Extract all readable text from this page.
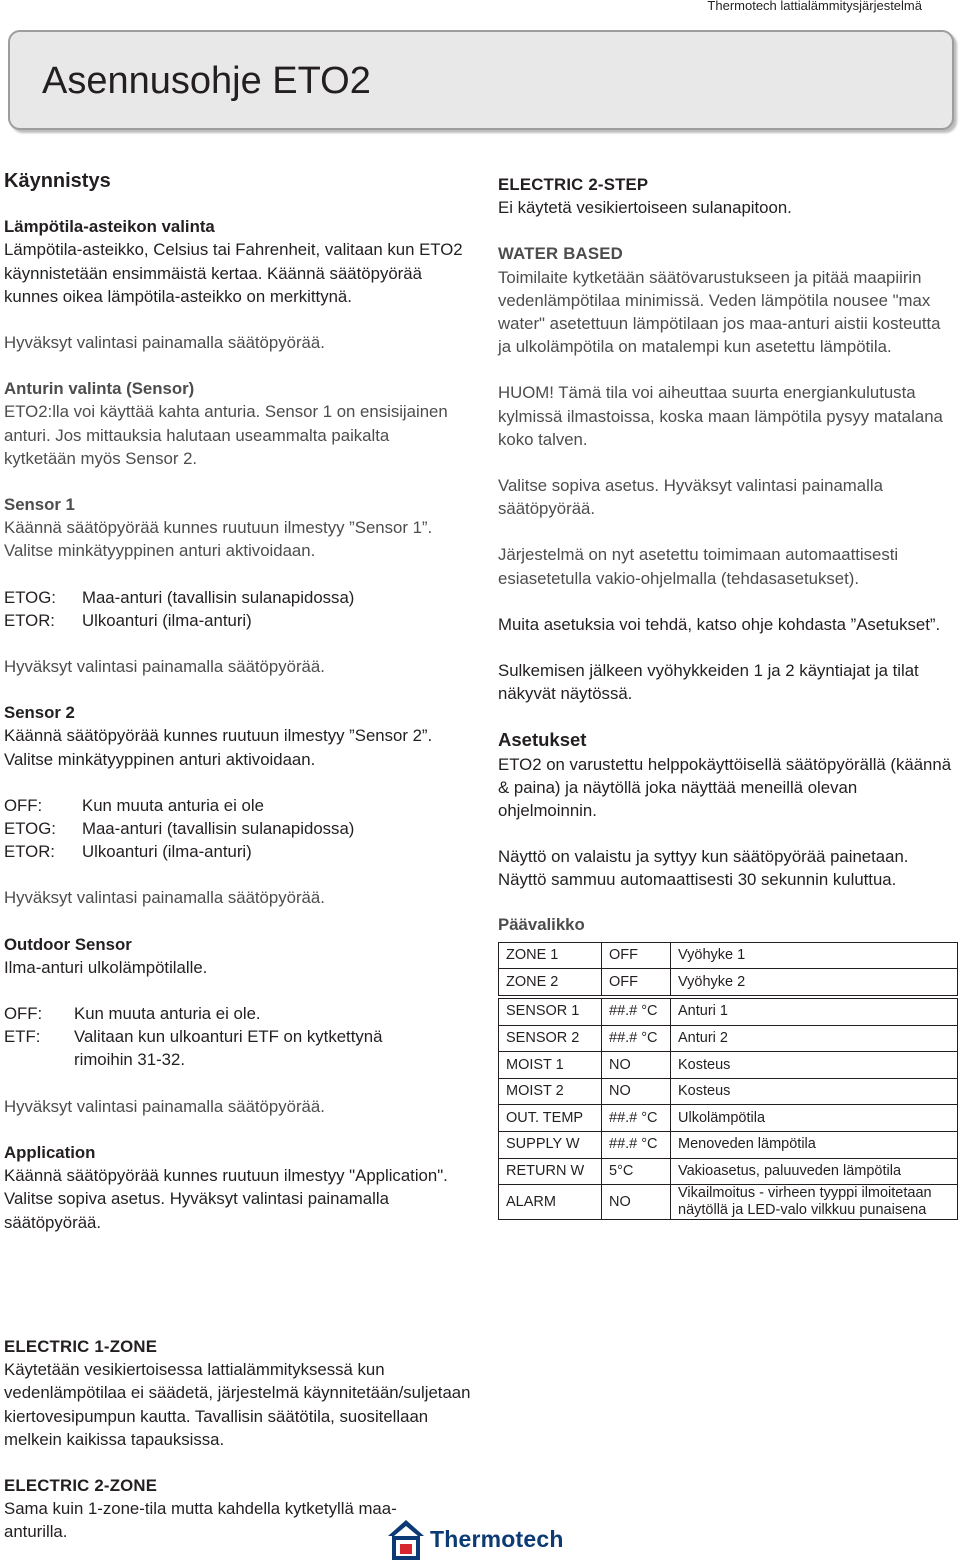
Thermotech lattialämmitysjärjestelmä
Asennusohje ETO2

Käynnistys

Lämpötila-asteikon valinta
Lämpötila-asteikko, Celsius tai Fahrenheit, valitaan kun ETO2 käynnistetään ensimmäistä kertaa. Käännä säätöpyörää kunnes oikea lämpötila-asteikko on merkittynä.

Hyväksyt valintasi painamalla säätöpyörää.

Anturin valinta (Sensor)
ETO2:lla voi käyttää kahta anturia. Sensor 1 on ensisijainen anturi. Jos mittauksia halutaan useammalta paikalta kytketään myös Sensor 2.

Sensor 1
Käännä säätöpyörää kunnes ruutuun ilmestyy ”Sensor 1”. Valitse minkätyyppinen anturi aktivoidaan.

ETOG:	Maa-anturi (tavallisin sulanapidossa)
ETOR:	Ulkoanturi (ilma-anturi)

Hyväksyt valintasi painamalla säätöpyörää.

Sensor 2
Käännä säätöpyörää kunnes ruutuun ilmestyy ”Sensor 2”. Valitse minkätyyppinen anturi aktivoidaan.

OFF:	Kun muuta anturia ei ole
ETOG:	Maa-anturi (tavallisin sulanapidossa)
ETOR:	Ulkoanturi (ilma-anturi)

Hyväksyt valintasi painamalla säätöpyörää.

Outdoor Sensor
Ilma-anturi ulkolämpötilalle.

OFF:	Kun muuta anturia ei ole.
ETF:	Valitaan kun ulkoanturi ETF on kytkettynä rimoihin 31-32.

Hyväksyt valintasi painamalla säätöpyörää.

Application
Käännä säätöpyörää kunnes ruutuun ilmestyy "Application". Valitse sopiva asetus. Hyväksyt valintasi painamalla säätöpyörää.

ELECTRIC 1-ZONE
Käytetään vesikiertoisessa lattialämmityksessä kun vedenlämpötilaa ei säädetä, järjestelmä käynnitetään/suljetaan kiertovesipumpun kautta. Tavallisin säätötila, suositellaan melkein kaikissa tapauksissa.

ELECTRIC 2-ZONE
Sama kuin 1-zone-tila mutta kahdella kytketyllä maa-anturilla.

ELECTRIC 2-STEP
Ei käytetä vesikiertoiseen sulanapitoon.

WATER BASED
Toimilaite kytketään säätövarustukseen ja pitää maapiirin vedenlämpötilaa minimissä. Veden lämpötila nousee "max water" asetettuun lämpötilaan jos maa-anturi aistii kosteutta ja ulkolämpötila on matalempi kun asetettu lämpötila.

HUOM! Tämä tila voi aiheuttaa suurta energiankulutusta kylmissä ilmastoissa, koska maan lämpötila pysyy matalana koko talven.

Valitse sopiva asetus. Hyväksyt valintasi painamalla säätöpyörää.

Järjestelmä on nyt asetettu toimimaan automaattisesti esiasetetulla vakio-ohjelmalla (tehdasasetukset).

Muita asetuksia voi tehdä, katso ohje kohdasta ”Asetukset”.

Sulkemisen jälkeen vyöhykkeiden 1 ja 2 käyntiajat ja tilat näkyvät näytössä.

Asetukset
ETO2 on varustettu helppokäyttöisellä säätöpyörällä (käännä & paina) ja näytöllä joka näyttää meneillä olevan ohjelmoinnin.

Näyttö on valaistu ja syttyy kun säätöpyörää painetaan. Näyttö sammuu automaattisesti 30 sekunnin kuluttua.

Päävalikko
ZONE 1	OFF	Vyöhyke 1
ZONE 2	OFF	Vyöhyke 2
SENSOR 1	##.# °C	Anturi 1
SENSOR 2	##.# °C	Anturi 2
MOIST 1	NO	Kosteus
MOIST 2	NO	Kosteus
OUT. TEMP	##.# °C	Ulkolämpötila
SUPPLY W	##.# °C	Menoveden lämpötila
RETURN W	5°C	Vakioasetus, paluuveden lämpötila
ALARM	NO	Vikailmoitus - virheen tyyppi ilmoitetaan näytöllä ja LED-valo vilkkuu punaisena
Thermotech
